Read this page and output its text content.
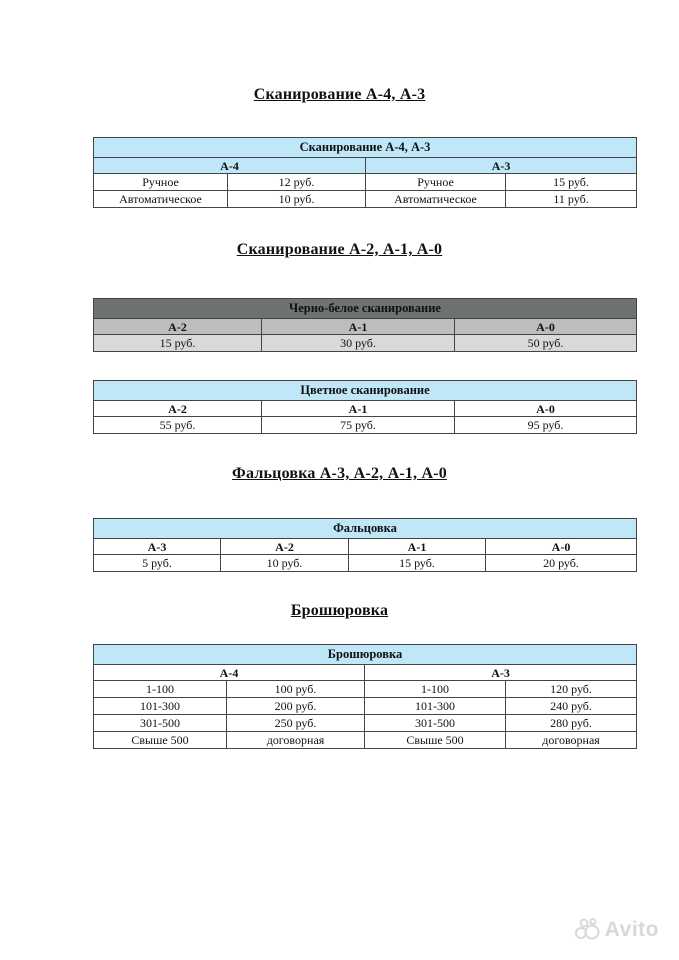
Сканирование А-4, А-3
Сканирование А-4, А-3			
А-4		А-3	
Ручное	12 руб.	Ручное	15 руб.
Автоматическое	10 руб.	Автоматическое	11 руб.
Сканирование А-2, А-1, А-0
Черно-белое сканирование		
А-2	А-1	А-0
15 руб.	30 руб.	50 руб.
Цветное сканирование		
А-2	А-1	А-0
55 руб.	75 руб.	95 руб.
Фальцовка А-3, А-2, А-1, А-0
Фальцовка			
А-3	А-2	А-1	А-0
5 руб.	10 руб.	15 руб.	20 руб.
Брошюровка
Брошюровка			
А-4		А-3	
1-100	100 руб.	1-100	120 руб.
101-300	200 руб.	101-300	240 руб.
301-500	250 руб.	301-500	280 руб.
Свыше 500	договорная	Свыше 500	договорная
Avito
